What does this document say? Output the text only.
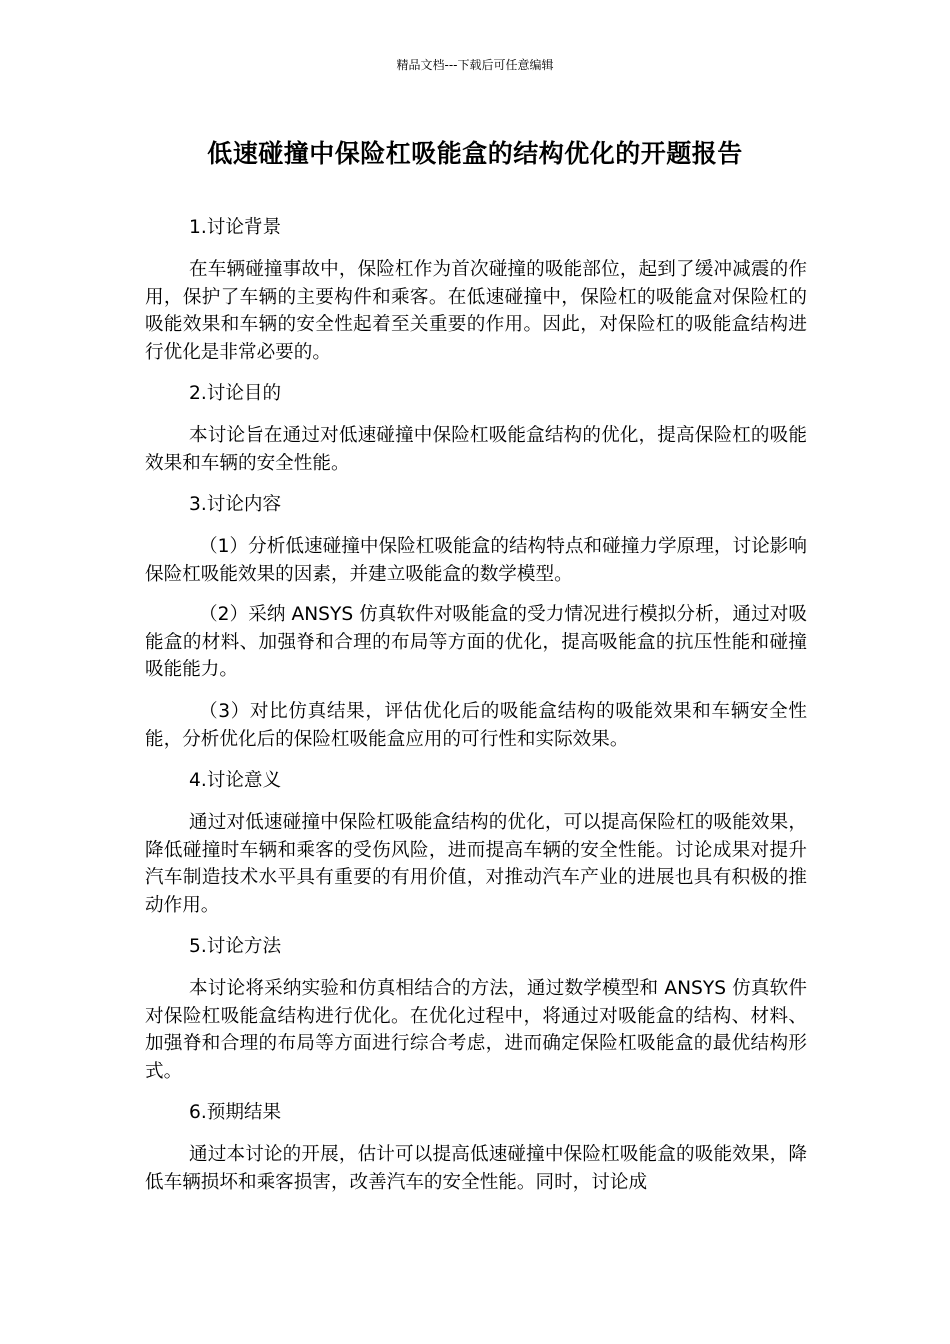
精品文档---下载后可任意编辑
低速碰撞中保险杠吸能盒的结构优化的开题报告

1.讨论背景

在车辆碰撞事故中，保险杠作为首次碰撞的吸能部位，起到了缓冲减震的作用，保护了车辆的主要构件和乘客。在低速碰撞中，保险杠的吸能盒对保险杠的吸能效果和车辆的安全性起着至关重要的作用。因此，对保险杠的吸能盒结构进行优化是非常必要的。

2.讨论目的

本讨论旨在通过对低速碰撞中保险杠吸能盒结构的优化，提高保险杠的吸能效果和车辆的安全性能。

3.讨论内容

（1）分析低速碰撞中保险杠吸能盒的结构特点和碰撞力学原理，讨论影响保险杠吸能效果的因素，并建立吸能盒的数学模型。

（2）采纳 ANSYS 仿真软件对吸能盒的受力情况进行模拟分析，通过对吸能盒的材料、加强脊和合理的布局等方面的优化，提高吸能盒的抗压性能和碰撞吸能能力。

（3）对比仿真结果，评估优化后的吸能盒结构的吸能效果和车辆安全性能，分析优化后的保险杠吸能盒应用的可行性和实际效果。

4.讨论意义

通过对低速碰撞中保险杠吸能盒结构的优化，可以提高保险杠的吸能效果，降低碰撞时车辆和乘客的受伤风险，进而提高车辆的安全性能。讨论成果对提升汽车制造技术水平具有重要的有用价值，对推动汽车产业的进展也具有积极的推动作用。

5.讨论方法

本讨论将采纳实验和仿真相结合的方法，通过数学模型和 ANSYS 仿真软件对保险杠吸能盒结构进行优化。在优化过程中，将通过对吸能盒的结构、材料、加强脊和合理的布局等方面进行综合考虑，进而确定保险杠吸能盒的最优结构形式。

6.预期结果

通过本讨论的开展，估计可以提高低速碰撞中保险杠吸能盒的吸能效果，降低车辆损坏和乘客损害，改善汽车的安全性能。同时，讨论成
